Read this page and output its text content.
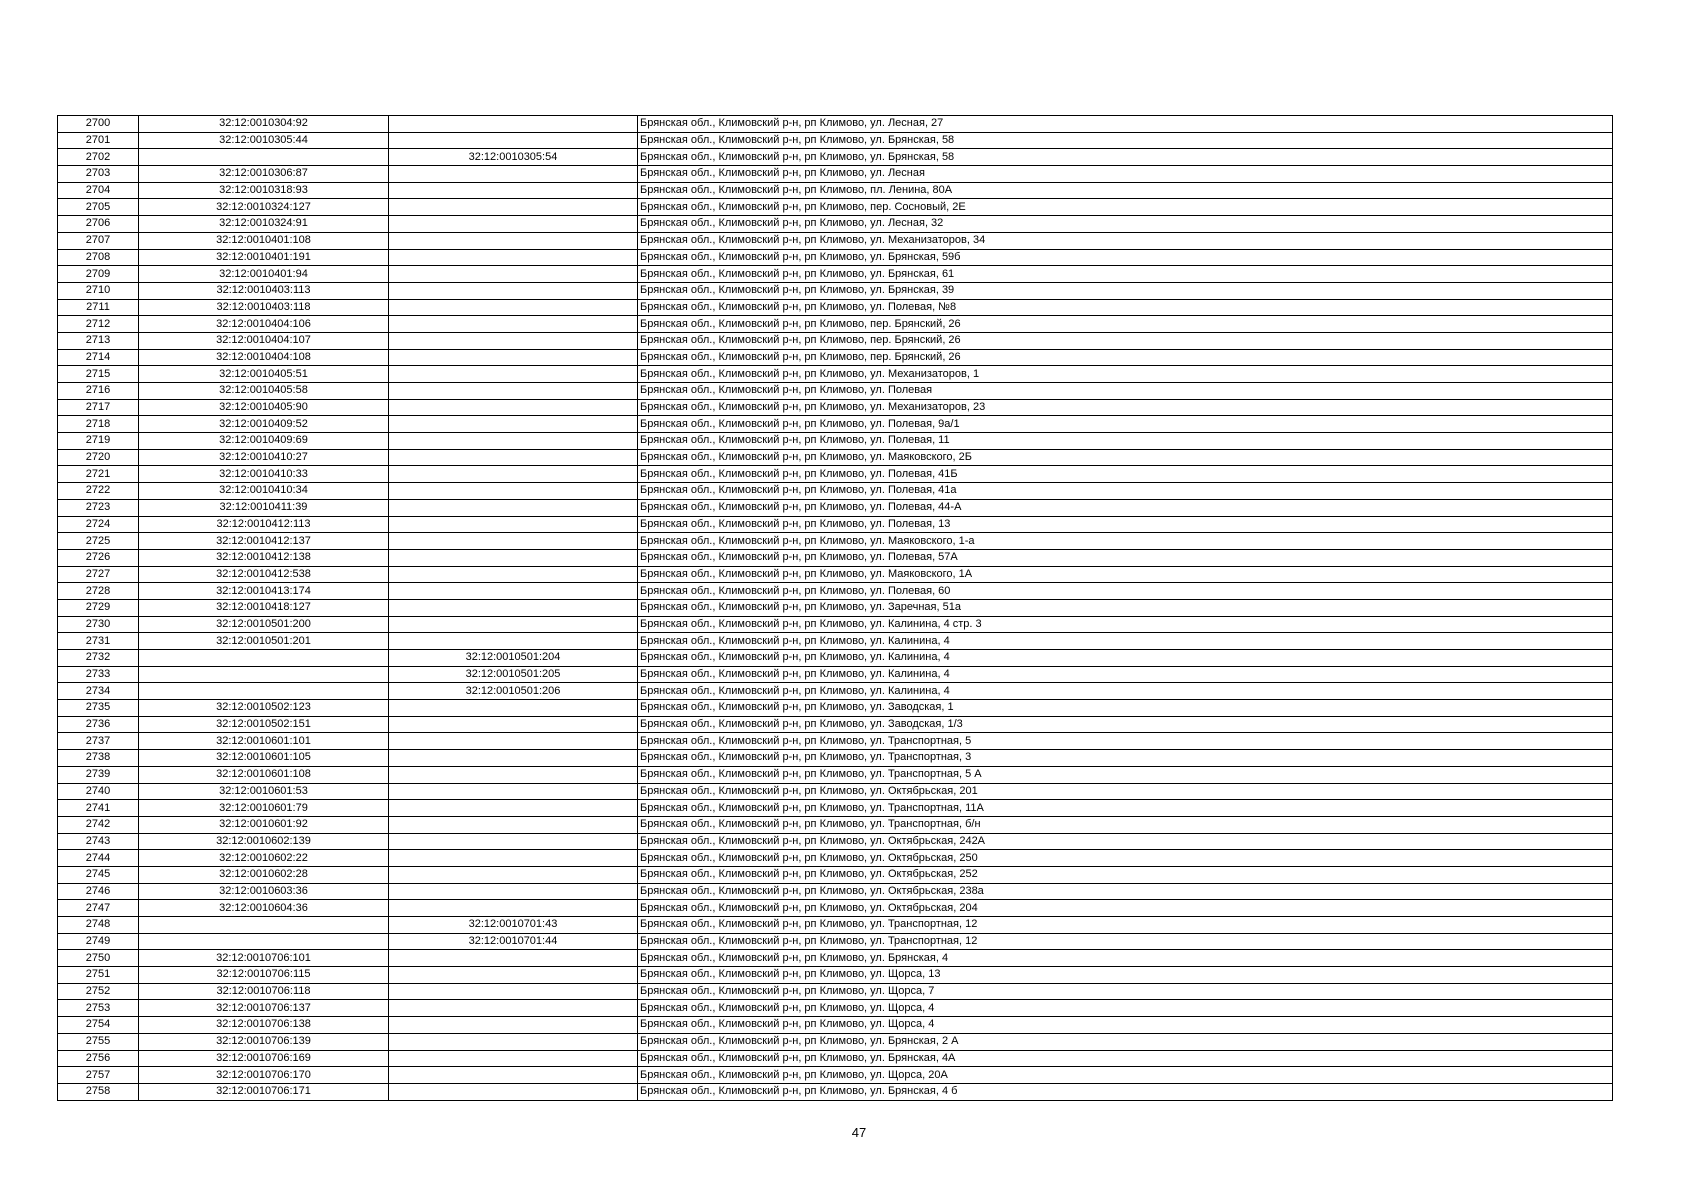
2700	32:12:0010304:92		Брянская обл., Климовский р-н, рп Климово, ул. Лесная, 27
2701	32:12:0010305:44		Брянская обл., Климовский р-н, рп Климово, ул. Брянская, 58
2702		32:12:0010305:54	Брянская обл., Климовский р-н, рп Климово, ул. Брянская, 58
2703	32:12:0010306:87		Брянская обл., Климовский р-н, рп Климово, ул. Лесная
2704	32:12:0010318:93		Брянская обл., Климовский р-н, рп Климово, пл. Ленина, 80А
2705	32:12:0010324:127		Брянская обл., Климовский р-н, рп Климово, пер. Сосновый, 2Е
2706	32:12:0010324:91		Брянская обл., Климовский р-н, рп Климово, ул. Лесная, 32
2707	32:12:0010401:108		Брянская обл., Климовский р-н, рп Климово, ул. Механизаторов, 34
2708	32:12:0010401:191		Брянская обл., Климовский р-н, рп Климово, ул. Брянская, 59б
2709	32:12:0010401:94		Брянская обл., Климовский р-н, рп Климово, ул. Брянская, 61
2710	32:12:0010403:113		Брянская обл., Климовский р-н, рп Климово, ул. Брянская, 39
2711	32:12:0010403:118		Брянская обл., Климовский р-н, рп Климово, ул. Полевая, №8
2712	32:12:0010404:106		Брянская обл., Климовский р-н, рп Климово, пер. Брянский, 26
2713	32:12:0010404:107		Брянская обл., Климовский р-н, рп Климово, пер. Брянский, 26
2714	32:12:0010404:108		Брянская обл., Климовский р-н, рп Климово, пер. Брянский, 26
2715	32:12:0010405:51		Брянская обл., Климовский р-н, рп Климово, ул. Механизаторов, 1
2716	32:12:0010405:58		Брянская обл., Климовский р-н, рп Климово, ул. Полевая
2717	32:12:0010405:90		Брянская обл., Климовский р-н, рп Климово, ул. Механизаторов, 23
2718	32:12:0010409:52		Брянская обл., Климовский р-н, рп Климово, ул. Полевая, 9а/1
2719	32:12:0010409:69		Брянская обл., Климовский р-н, рп Климово, ул. Полевая, 11
2720	32:12:0010410:27		Брянская обл., Климовский р-н, рп Климово, ул. Маяковского, 2Б
2721	32:12:0010410:33		Брянская обл., Климовский р-н, рп Климово, ул. Полевая, 41Б
2722	32:12:0010410:34		Брянская обл., Климовский р-н, рп Климово, ул. Полевая, 41а
2723	32:12:0010411:39		Брянская обл., Климовский р-н, рп Климово, ул. Полевая, 44-А
2724	32:12:0010412:113		Брянская обл., Климовский р-н, рп Климово, ул. Полевая, 13
2725	32:12:0010412:137		Брянская обл., Климовский р-н, рп Климово, ул. Маяковского, 1-а
2726	32:12:0010412:138		Брянская обл., Климовский р-н, рп Климово, ул. Полевая, 57А
2727	32:12:0010412:538		Брянская обл., Климовский р-н, рп Климово, ул. Маяковского, 1А
2728	32:12:0010413:174		Брянская обл., Климовский р-н, рп Климово, ул. Полевая, 60
2729	32:12:0010418:127		Брянская обл., Климовский р-н, рп Климово, ул. Заречная, 51а
2730	32:12:0010501:200		Брянская обл., Климовский р-н, рп Климово, ул. Калинина, 4 стр. 3
2731	32:12:0010501:201		Брянская обл., Климовский р-н, рп Климово, ул. Калинина, 4
2732		32:12:0010501:204	Брянская обл., Климовский р-н, рп Климово, ул. Калинина, 4
2733		32:12:0010501:205	Брянская обл., Климовский р-н, рп Климово, ул. Калинина, 4
2734		32:12:0010501:206	Брянская обл., Климовский р-н, рп Климово, ул. Калинина, 4
2735	32:12:0010502:123		Брянская обл., Климовский р-н, рп Климово, ул. Заводская, 1
2736	32:12:0010502:151		Брянская обл., Климовский р-н, рп Климово, ул. Заводская, 1/3
2737	32:12:0010601:101		Брянская обл., Климовский р-н, рп Климово, ул. Транспортная, 5
2738	32:12:0010601:105		Брянская обл., Климовский р-н, рп Климово, ул. Транспортная, 3
2739	32:12:0010601:108		Брянская обл., Климовский р-н, рп Климово, ул. Транспортная, 5 А
2740	32:12:0010601:53		Брянская обл., Климовский р-н, рп Климово, ул. Октябрьская, 201
2741	32:12:0010601:79		Брянская обл., Климовский р-н, рп Климово, ул. Транспортная, 11А
2742	32:12:0010601:92		Брянская обл., Климовский р-н, рп Климово, ул. Транспортная, б/н
2743	32:12:0010602:139		Брянская обл., Климовский р-н, рп Климово, ул. Октябрьская, 242А
2744	32:12:0010602:22		Брянская обл., Климовский р-н, рп Климово, ул. Октябрьская, 250
2745	32:12:0010602:28		Брянская обл., Климовский р-н, рп Климово, ул. Октябрьская, 252
2746	32:12:0010603:36		Брянская обл., Климовский р-н, рп Климово, ул. Октябрьская, 238а
2747	32:12:0010604:36		Брянская обл., Климовский р-н, рп Климово, ул. Октябрьская, 204
2748		32:12:0010701:43	Брянская обл., Климовский р-н, рп Климово, ул. Транспортная, 12
2749		32:12:0010701:44	Брянская обл., Климовский р-н, рп Климово, ул. Транспортная, 12
2750	32:12:0010706:101		Брянская обл., Климовский р-н, рп Климово, ул. Брянская, 4
2751	32:12:0010706:115		Брянская обл., Климовский р-н, рп Климово, ул. Щорса, 13
2752	32:12:0010706:118		Брянская обл., Климовский р-н, рп Климово, ул. Щорса, 7
2753	32:12:0010706:137		Брянская обл., Климовский р-н, рп Климово, ул. Щорса, 4
2754	32:12:0010706:138		Брянская обл., Климовский р-н, рп Климово, ул. Щорса, 4
2755	32:12:0010706:139		Брянская обл., Климовский р-н, рп Климово, ул. Брянская, 2 А
2756	32:12:0010706:169		Брянская обл., Климовский р-н, рп Климово, ул. Брянская, 4А
2757	32:12:0010706:170		Брянская обл., Климовский р-н, рп Климово, ул. Щорса, 20А
2758	32:12:0010706:171		Брянская обл., Климовский р-н, рп Климово, ул. Брянская, 4 б
47
